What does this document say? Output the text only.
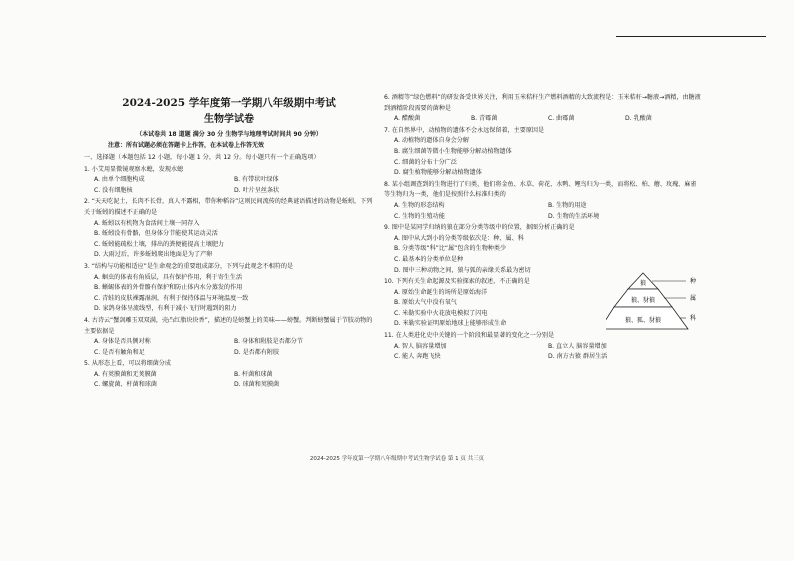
2024-2025 学年度第一学期八年级期中考试
生物学试卷
（本试卷共 18 道题 满分 30 分 生物学与地理考试时间共 90 分钟）
注意：所有试题必须在答题卡上作答，在本试卷上作答无效
一、选择题（本题包括 12 小题，每小题 1 分，共 12 分。每小题只有一个正确选项）
1. 小艾用显微镜观察水螅，发现水螅
A. 由单个细胞构成	B. 有带状叶绿体
C. 没有细胞核	D. 叶片呈丝条状
2. “天天吃泥土，长肉不长骨，真人不露相，带你种稻谷”这则民间流传的经典谜语描述的动物是蚯蚓，下列关于蚯蚓的描述不正确的是
A. 蚯蚓以有机物为食活间土壤一同存入
B. 蚯蚓没有骨骼，但身体分节能使其运动灵活
C. 蚯蚓能疏松土壤，排出的粪便能提高土壤肥力
D. 大雨过后，许多蚯蚓爬出地面是为了产卵
3. “结构与功能相适应”是生命观念的重要组成部分，下列与此观念不相符的是
A. 蛔虫的体表有角质层，具有保护作用，利于寄生生活
B. 蜥蜴体表的外骨骼有保护和防止体内水分蒸发的作用
C. 青蛙的皮肤裸露湿润，有利于保持体温与环境温度一致
D. 家鸽身体呈流线型，有利于减小飞行时遇到的阻力
4. 古诗云“蟹剑雕玉双双满，壳凸红脂块块香”，描述的是螃蟹上的美味——螃蟹。判断螃蟹属于节肢动物的主要依据是
A. 身体是否具侧对称	B. 身体和附肢是否都分节
C. 是否有触角和足	D. 是否都有附肢
5. 从形态上看，可以将细菌分成
A. 有荚膜菌和无荚膜菌	B. 杆菌和球菌
C. 螺旋菌、杆菌和球菌	D. 球菌和荚膜菌
6. 酒精等“绿色燃料”的研发备受世界关注，利用玉米秸秆生产燃料酒精的大致流程是：玉米秸秆→糖液→酒精，由糖液到酒精阶段需要的菌种是
A. 醋酸菌	B. 青霉菌	C. 曲霉菌	D. 乳酸菌
7. 在自然界中，动植物的遗体不会永远保留着，主要原因是
A. 动植物的遗体自身会分解
B. 腐生细菌等微小生物能够分解动植物遗体
C. 细菌的分布十分广泛
D. 腐生植物能够分解动植物遗体
8. 某小组调查到的生物进行了归类，他们将金鱼、水草、荷花、水鸭、鲤鸟归为一类，而将松、柏、蘑、玫瑰、麻雀等生物归为一类，他们是按照什么标准归类的
A. 生物的形态结构	B. 生物的用途
C. 生物的生殖功能	D. 生物的生活环境
9. 图中是某同学归纳的狼在部分分类等级中的位置，据图分析正确的是
A. 图中从大到小的分类等级依次是：种、属、科
B. 分类等级“科”比“属”包含的生物种类少
C. 最基本的分类单位是种
D. 图中三种动物之间，狼与狐的亲缘关系最为密切
10. 下列有关生命起源及实验探索的叙述，不正确的是
A. 原始生命诞生的场所是原始海洋
B. 原始大气中没有氧气
C. 米勒实验中火花放电模拟了闪电
D. 米勒实验证明原始地球上能够形成生命
11. 在人类进化史中关键的一个阶段和最显著的变化之一分别是
A. 智人 脑容量增加	B. 直立人 脑容量增加
C. 能人 奔跑飞快	D. 南方古猿 群居生活
狼
狼、豺狼
狼、狐、豺狼
种
属
科
2024-2025 学年度第一学期八年级期中考试生物学试卷 第 1 页 共三页
